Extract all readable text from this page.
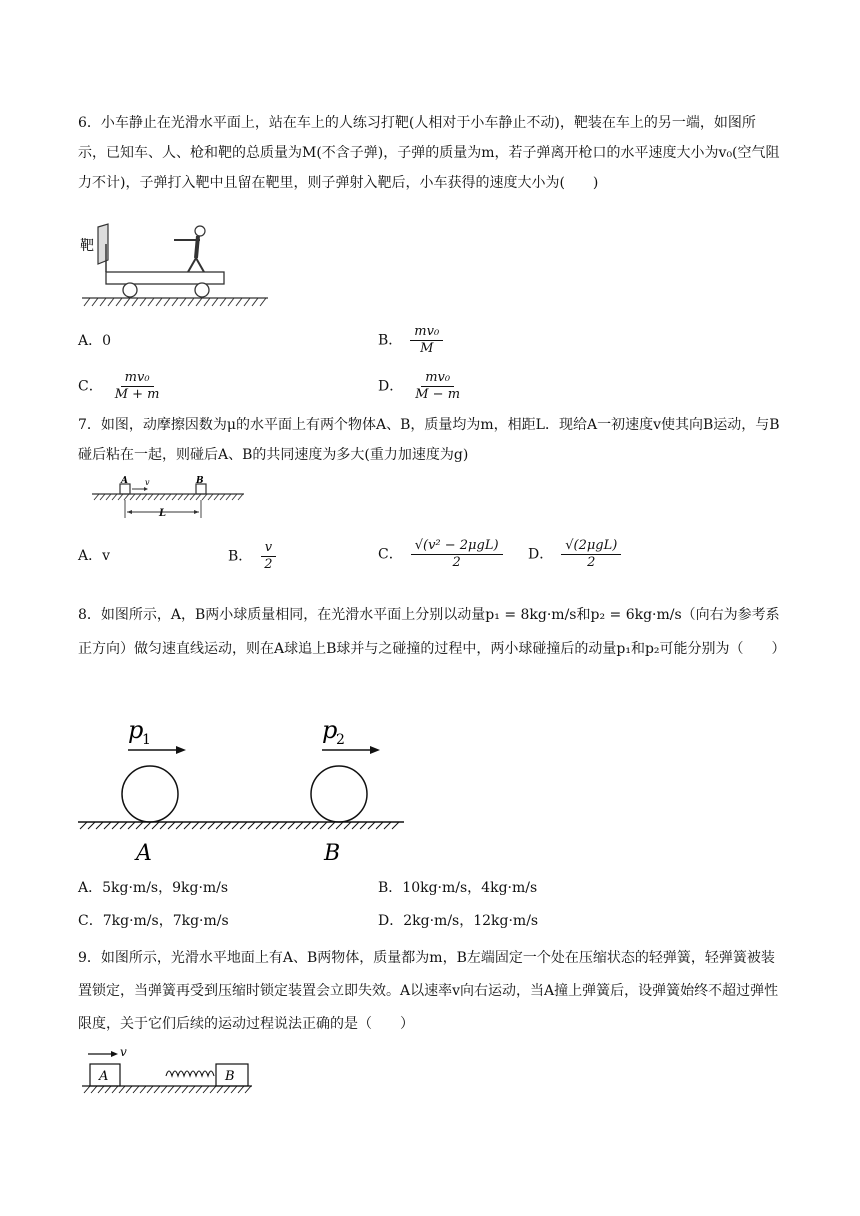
6．小车静止在光滑水平面上，站在车上的人练习打靶(人相对于小车静止不动)，靶装在车上的另一端，如图所示，已知车、人、枪和靶的总质量为M(不含子弹)，子弹的质量为m，若子弹离开枪口的水平速度大小为v₀(空气阻力不计)，子弹打入靶中且留在靶里，则子弹射入靶后，小车获得的速度大小为(　　)

靶
A．0	B． $\frac{\text{mv₀}}{M}$
C． $\frac{\text{mv₀}}{M + m}$	D． $\frac{\text{mv₀}}{M - m}$

7．如图，动摩擦因数为μ的水平面上有两个物体A、B，质量均为m，相距L．现给A一初速度v使其向B运动，与B碰后粘在一起，则碰后A、B的共同速度为多大(重力加速度为g)

A v	B
L
A．v	B． $\frac{v}{2}$	C． $\frac{\text{√(v² − 2μgL)}}{2}$ D． $\frac{\text{√(2μgL)}}{2}$

8．如图所示，A，B两小球质量相同，在光滑水平面上分别以动量p₁ = 8kg·m/s和p₂ = 6kg·m/s（向右为参考系正方向）做匀速直线运动，则在A球追上B球并与之碰撞的过程中，两小球碰撞后的动量p₁和p₂可能分别为（　　）

p
1	p
2
A	B
A．5kg·m/s，9kg·m/s	B．10kg·m/s，4kg·m/s
C．7kg·m/s，7kg·m/s	D．2kg·m/s，12kg·m/s

9．如图所示，光滑水平地面上有A、B两物体，质量都为m，B左端固定一个处在压缩状态的轻弹簧，轻弹簧被装置锁定，当弹簧再受到压缩时锁定装置会立即失效。A以速率v向右运动，当A撞上弹簧后，设弹簧始终不超过弹性限度，关于它们后续的运动过程说法正确的是（　　）

v
A	B
